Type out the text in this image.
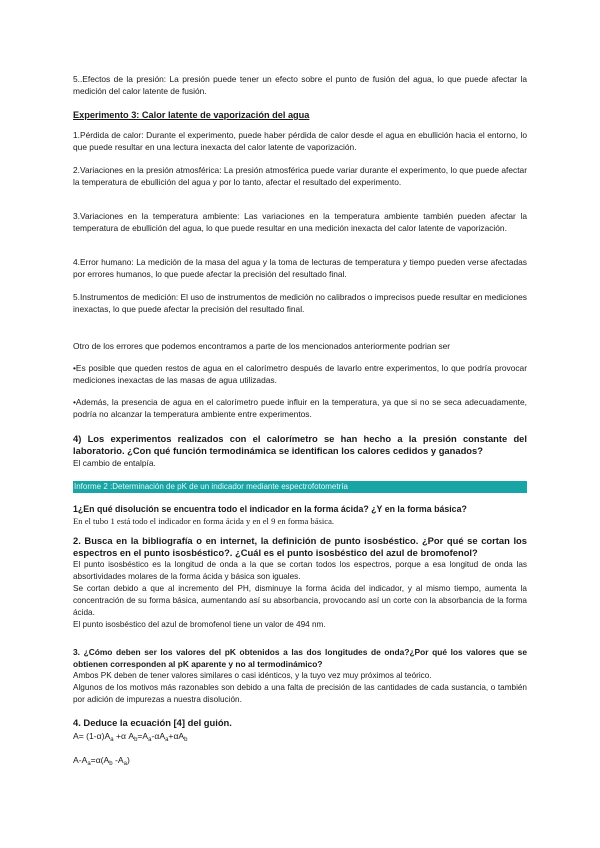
5..Efectos de la presión: La presión puede tener un efecto sobre el punto de fusión del agua, lo que puede afectar la medición del calor latente de fusión.

Experimento 3: Calor latente de vaporización del agua

1.Pérdida de calor: Durante el experimento, puede haber pérdida de calor desde el agua en ebullición hacia el entorno, lo que puede resultar en una lectura inexacta del calor latente de vaporización.

2.Variaciones en la presión atmosférica: La presión atmosférica puede variar durante el experimento, lo que puede afectar la temperatura de ebullición del agua y por lo tanto, afectar el resultado del experimento.

3.Variaciones en la temperatura ambiente: Las variaciones en la temperatura ambiente también pueden afectar la temperatura de ebullición del agua, lo que puede resultar en una medición inexacta del calor latente de vaporización.

4.Error humano: La medición de la masa del agua y la toma de lecturas de temperatura y tiempo pueden verse afectadas por errores humanos, lo que puede afectar la precisión del resultado final.

5.Instrumentos de medición: El uso de instrumentos de medición no calibrados o imprecisos puede resultar en mediciones inexactas, lo que puede afectar la precisión del resultado final.

Otro de los errores que podemos encontramos a parte de los mencionados anteriormente podrian ser

•Es posible que queden restos de agua en el calorímetro después de lavarlo entre experimentos, lo que podría provocar mediciones inexactas de las masas de agua utilizadas.

•Además, la presencia de agua en el calorímetro puede influir en la temperatura, ya que si no se seca adecuadamente, podría no alcanzar la temperatura ambiente entre experimentos.

4) Los experimentos realizados con el calorímetro se han hecho a la presión constante del laboratorio. ¿Con qué función termodinámica se identifican los calores cedidos y ganados?

El cambio de entalpía.

Informe 2 :Determinación de pK de un indicador mediante espectrofotometría

1¿En qué disolución se encuentra todo el indicador en la forma ácida? ¿Y en la forma básica?

En el tubo 1 está todo el indicador en forma ácida y en el 9 en forma básica.

2. Busca en la bibliografía o en internet, la definición de punto isosbéstico. ¿Por qué se cortan los espectros en el punto isosbéstico?. ¿Cuál es el punto isosbéstico del azul de bromofenol?

El punto isosbéstico es la longitud de onda a la que se cortan todos los espectros, porque a esa longitud de onda las absortividades molares de la forma ácida y básica son iguales.

Se cortan debido a que al incremento del PH, disminuye la forma ácida del indicador, y al mismo tiempo, aumenta la concentración de su forma básica, aumentando así su absorbancia, provocando así un corte con la absorbancia de la forma ácida.

El punto isosbéstico del azul de bromofenol tiene un valor de 494 nm.

3. ¿Cómo deben ser los valores del pK obtenidos a las dos longitudes de onda?¿Por qué los valores que se obtienen corresponden al pK aparente y no al termodinámico?

Ambos PK deben de tener valores similares o casi idénticos, y la tuyo vez muy próximos al teórico.

Algunos de los motivos más razonables son debido a una falta de precisión de las cantidades de cada sustancia, o también por adición de impurezas a nuestra disolución.

4. Deduce la ecuación [4] del guión.

$A= (1-\alpha)A_a +\alpha$ $A_b=A_a-\alpha A_a+\alpha A_b$
$A-A_a=\alpha(A_b$ $-A_a$)
